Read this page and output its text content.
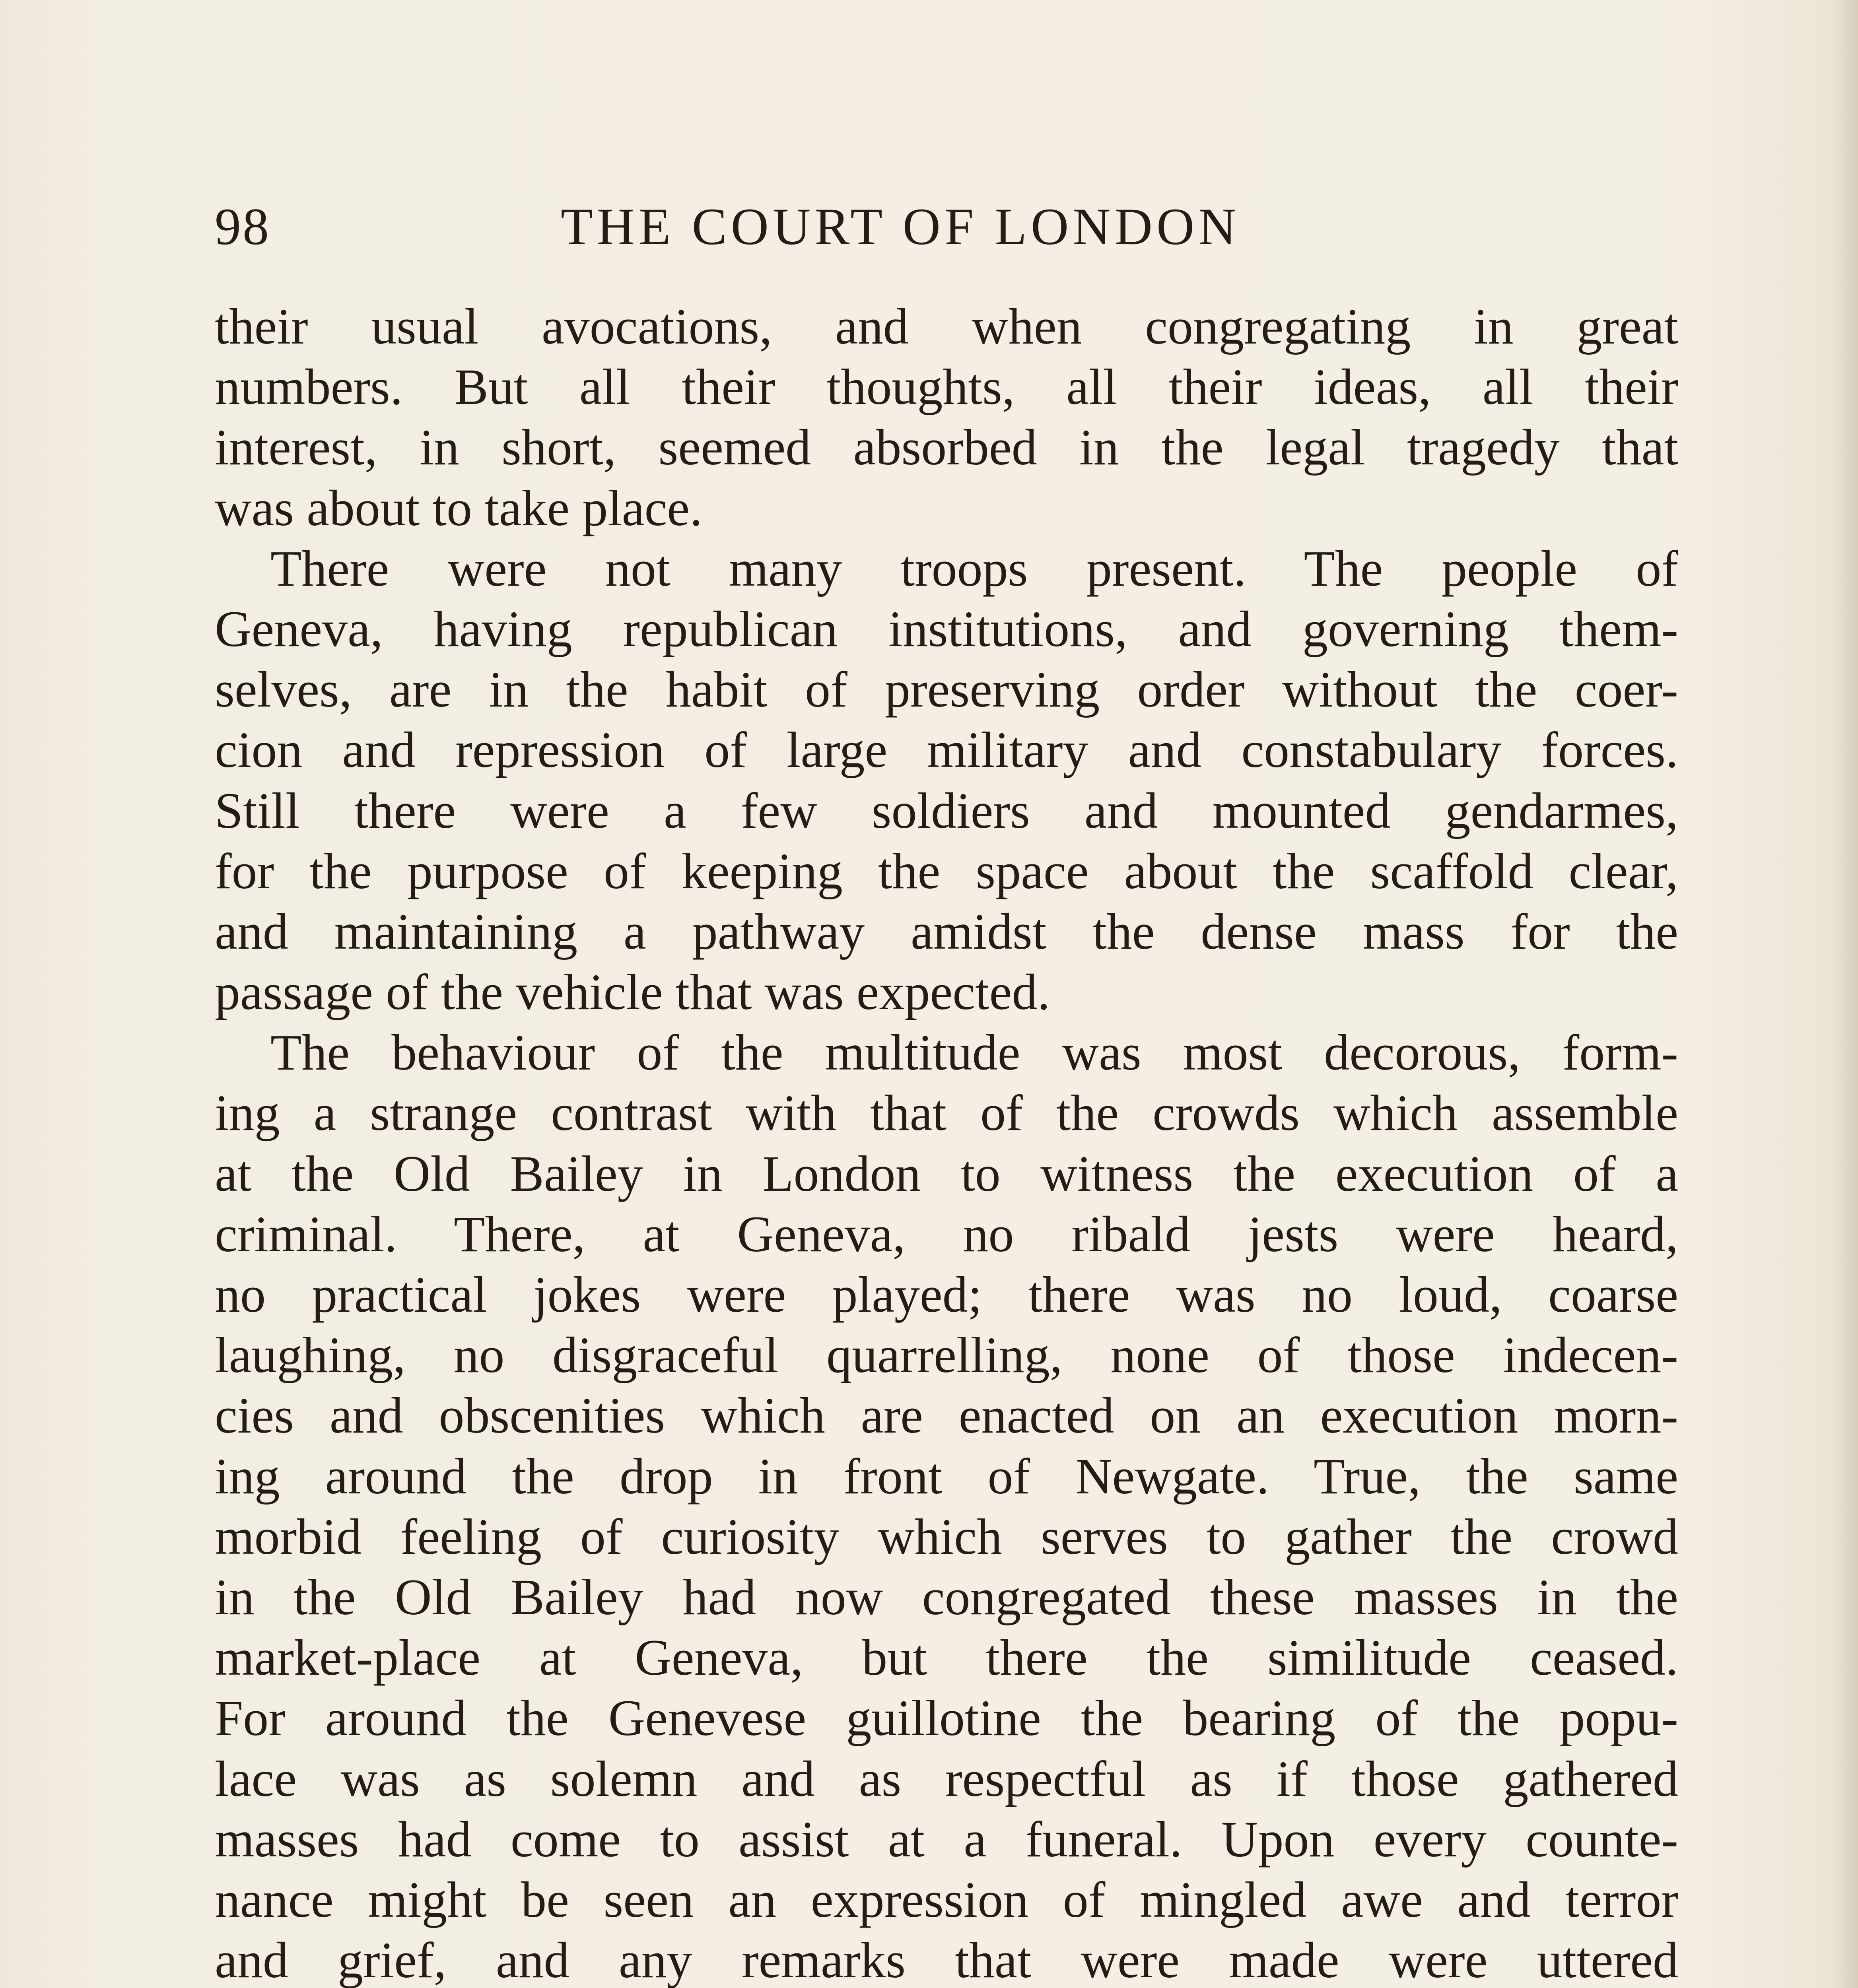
98	THE COURT OF LONDON
their usual avocations, and when congregating in great
numbers. But all their thoughts, all their ideas, all their
interest, in short, seemed absorbed in the legal tragedy that
was about to take place.
There were not many troops present. The people of
Geneva, having republican institutions, and governing them-
selves, are in the habit of preserving order without the coer-
cion and repression of large military and constabulary forces.
Still there were a few soldiers and mounted gendarmes,
for the purpose of keeping the space about the scaffold clear,
and maintaining a pathway amidst the dense mass for the
passage of the vehicle that was expected.
The behaviour of the multitude was most decorous, form-
ing a strange contrast with that of the crowds which assemble
at the Old Bailey in London to witness the execution of a
criminal. There, at Geneva, no ribald jests were heard,
no practical jokes were played; there was no loud, coarse
laughing, no disgraceful quarrelling, none of those indecen-
cies and obscenities which are enacted on an execution morn-
ing around the drop in front of Newgate. True, the same
morbid feeling of curiosity which serves to gather the crowd
in the Old Bailey had now congregated these masses in the
market-place at Geneva, but there the similitude ceased.
For around the Genevese guillotine the bearing of the popu-
lace was as solemn and as respectful as if those gathered
masses had come to assist at a funeral. Upon every counte-
nance might be seen an expression of mingled awe and terror
and grief, and any remarks that were made were uttered
